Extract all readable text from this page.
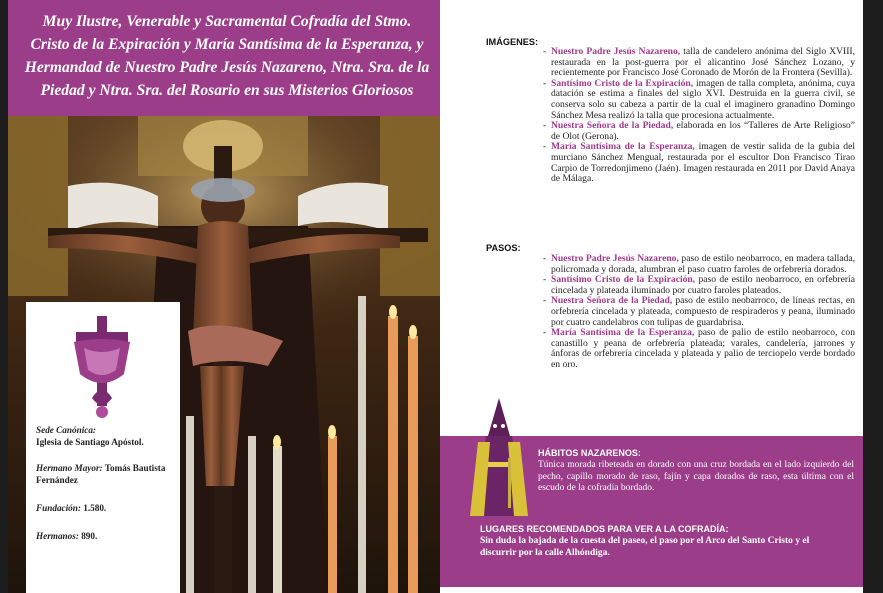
Muy Ilustre, Venerable y Sacramental Cofradía del Stmo. Cristo de la Expiración y María Santísima de la Esperanza, y Hermandad de Nuestro Padre Jesús Nazareno, Ntra. Sra. de la Piedad y Ntra. Sra. del Rosario en sus Misterios Gloriosos
Sede Canónica:
Iglesia de Santiago Apóstol.
Hermano Mayor: Tomás Bautista Fernández
Fundación: 1.580.
Hermanos: 890.
IMÁGENES:
- Nuestro Padre Jesús Nazareno, talla de candelero anónima del Siglo XVIII, restaurada en la post-guerra por el alicantino José Sánchez Lozano, y recientemente por Francisco José Coronado de Morón de la Frontera (Sevilla).
- Santísimo Cristo de la Expiración, imagen de talla completa, anónima, cuya datación se estima a finales del siglo XVI. Destruida en la guerra civil, se conserva solo su cabeza a partir de la cual el imaginero granadino Domingo Sánchez Mesa realizó la talla que procesiona actualmente.
- Nuestra Señora de la Piedad, elaborada en los “Talleres de Arte Religioso” de Olot (Gerona).
- María Santísima de la Esperanza, imagen de vestir salida de la gubia del murciano Sánchez Mengual, restaurada por el escultor Don Francisco Tirao Carpio de Torredonjimeno (Jaén). Imagen restaurada en 2011 por David Anaya de Málaga.
PASOS:
- Nuestro Padre Jesús Nazareno, paso de estilo neobarroco, en madera tallada, policromada y dorada, alumbran el paso cuatro faroles de orfebrería dorados.
- Santísimo Cristo de la Expiración, paso de estilo neobarroco, en orfebrería cincelada y plateada iluminado por cuatro faroles plateados.
- Nuestra Señora de la Piedad, paso de estilo neobarroco, de líneas rectas, en orfebrería cincelada y plateada, compuesto de respiraderos y peana, iluminado por cuatro candelabros con tulipas de guardabrisa.
- María Santísima de la Esperanza, paso de palio de estilo neobarroco, con canastillo y peana de orfebrería plateada; varales, candelería, jarrones y ánforas de orfebrería cincelada y plateada y palio de terciopelo verde bordado en oro.
HÁBITOS NAZARENOS:
Túnica morada ribeteada en dorado con una cruz bordada en el lado izquierdo del pecho, capillo morado de raso, fajín y capa dorados de raso, esta última con el escudo de la cofradía bordado.
LUGARES RECOMENDADOS PARA VER A LA COFRADÍA:
Sin duda la bajada de la cuesta del paseo, el paso por el Arco del Santo Cristo y el discurrir por la calle Alhóndiga.
